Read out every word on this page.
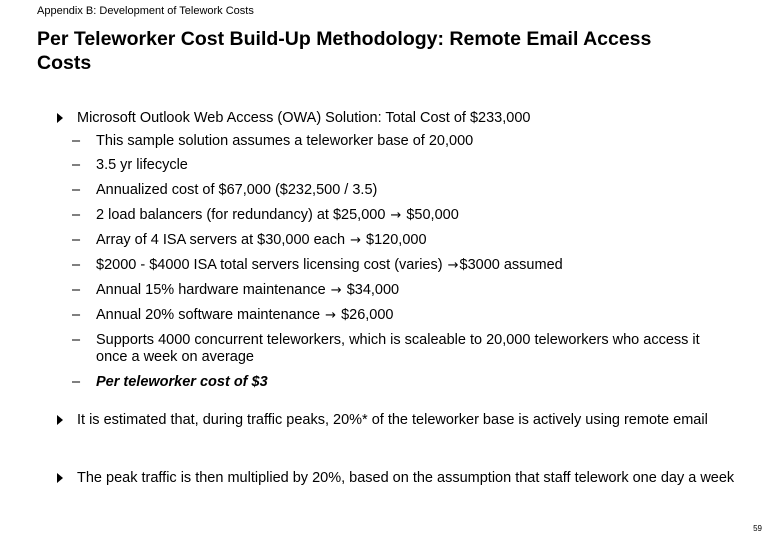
Appendix B: Development of Telework Costs
Per Teleworker Cost Build-Up Methodology: Remote Email Access
Costs
Microsoft Outlook Web Access (OWA) Solution: Total Cost of $233,000
– This sample solution assumes a teleworker base of 20,000
– 3.5 yr lifecycle
– Annualized cost of $67,000 ($232,500 / 3.5)
– 2 load balancers (for redundancy) at $25,000 → $50,000
– Array of 4 ISA servers at $30,000 each → $120,000
– $2000 - $4000 ISA total servers licensing cost (varies) →$3000 assumed
– Annual 15% hardware maintenance → $34,000
– Annual 20% software maintenance → $26,000
– Supports 4000 concurrent teleworkers, which is scaleable to 20,000 teleworkers who access it once a week on average
– Per teleworker cost of $3
It is estimated that, during traffic peaks, 20%* of the teleworker base is actively using remote email
The peak traffic is then multiplied by 20%, based on the assumption that staff telework one day a week
59
